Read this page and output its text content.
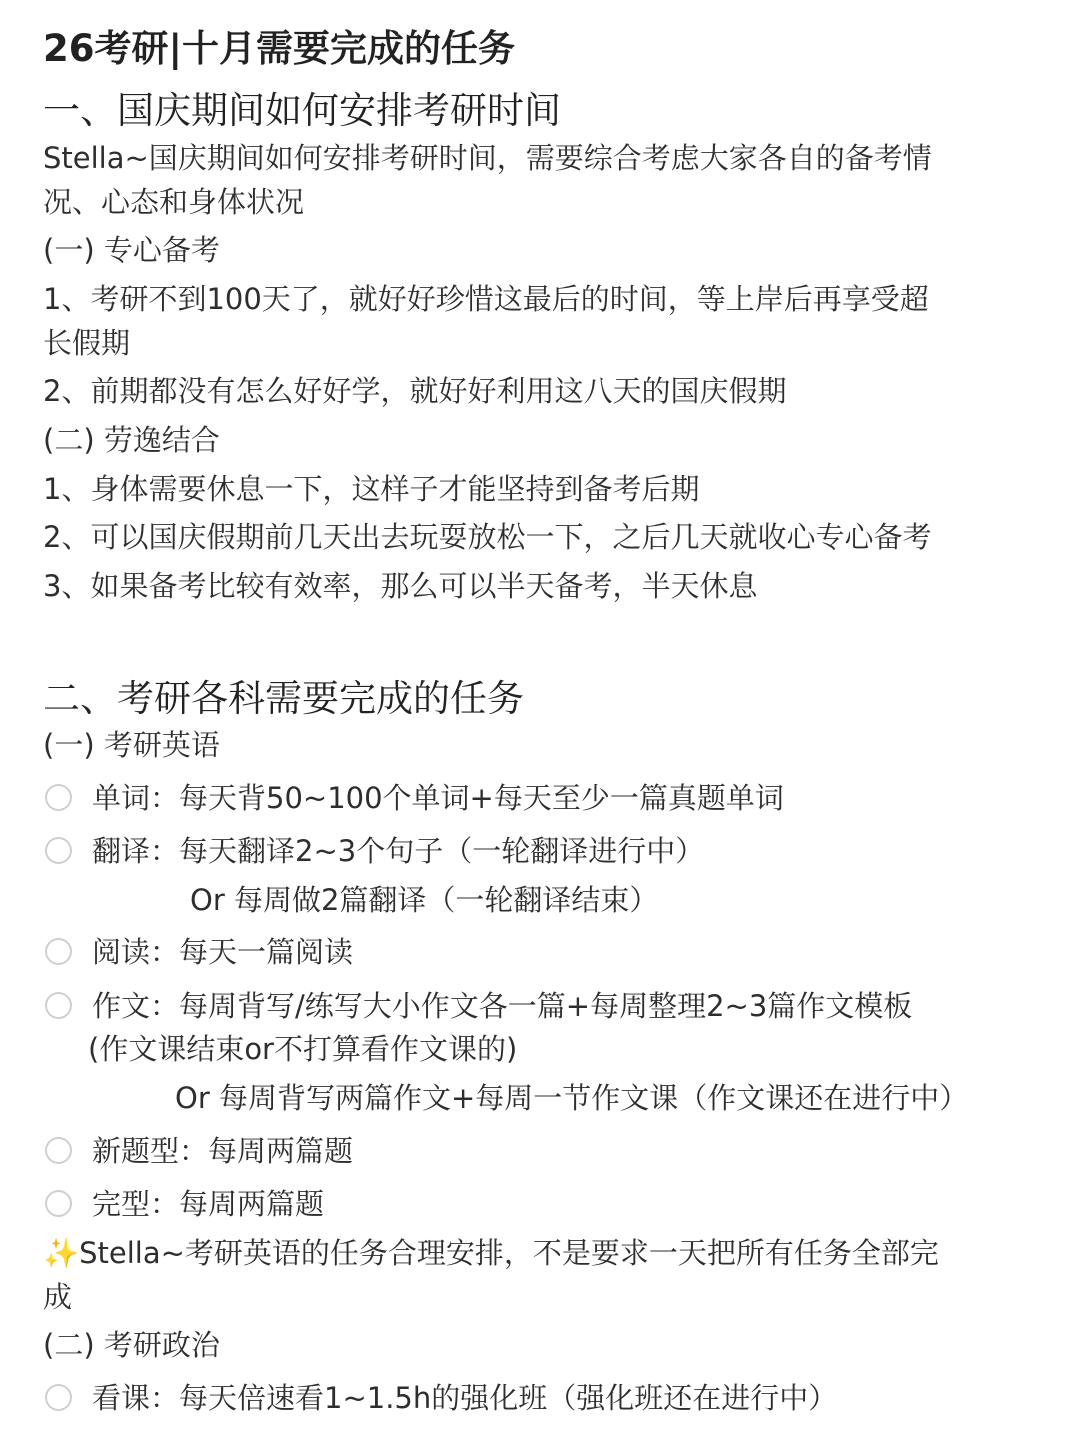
26考研|十月需要完成的任务
一、国庆期间如何安排考研时间
Stella~国庆期间如何安排考研时间，需要综合考虑大家各自的备考情
况、心态和身体状况
(一) 专心备考
1、考研不到100天了，就好好珍惜这最后的时间，等上岸后再享受超
长假期
2、前期都没有怎么好好学，就好好利用这八天的国庆假期
(二) 劳逸结合
1、身体需要休息一下，这样子才能坚持到备考后期
2、可以国庆假期前几天出去玩耍放松一下，之后几天就收心专心备考
3、如果备考比较有效率，那么可以半天备考，半天休息
二、考研各科需要完成的任务
(一) 考研英语
单词：每天背50~100个单词+每天至少一篇真题单词
翻译：每天翻译2~3个句子（一轮翻译进行中）
Or 每周做2篇翻译（一轮翻译结束）
阅读：每天一篇阅读
作文：每周背写/练写大小作文各一篇+每周整理2~3篇作文模板
(作文课结束or不打算看作文课的)
Or 每周背写两篇作文+每周一节作文课（作文课还在进行中）
新题型：每周两篇题
完型：每周两篇题
✨Stella~考研英语的任务合理安排，不是要求一天把所有任务全部完
成
(二) 考研政治
看课：每天倍速看1~1.5h的强化班（强化班还在进行中）
